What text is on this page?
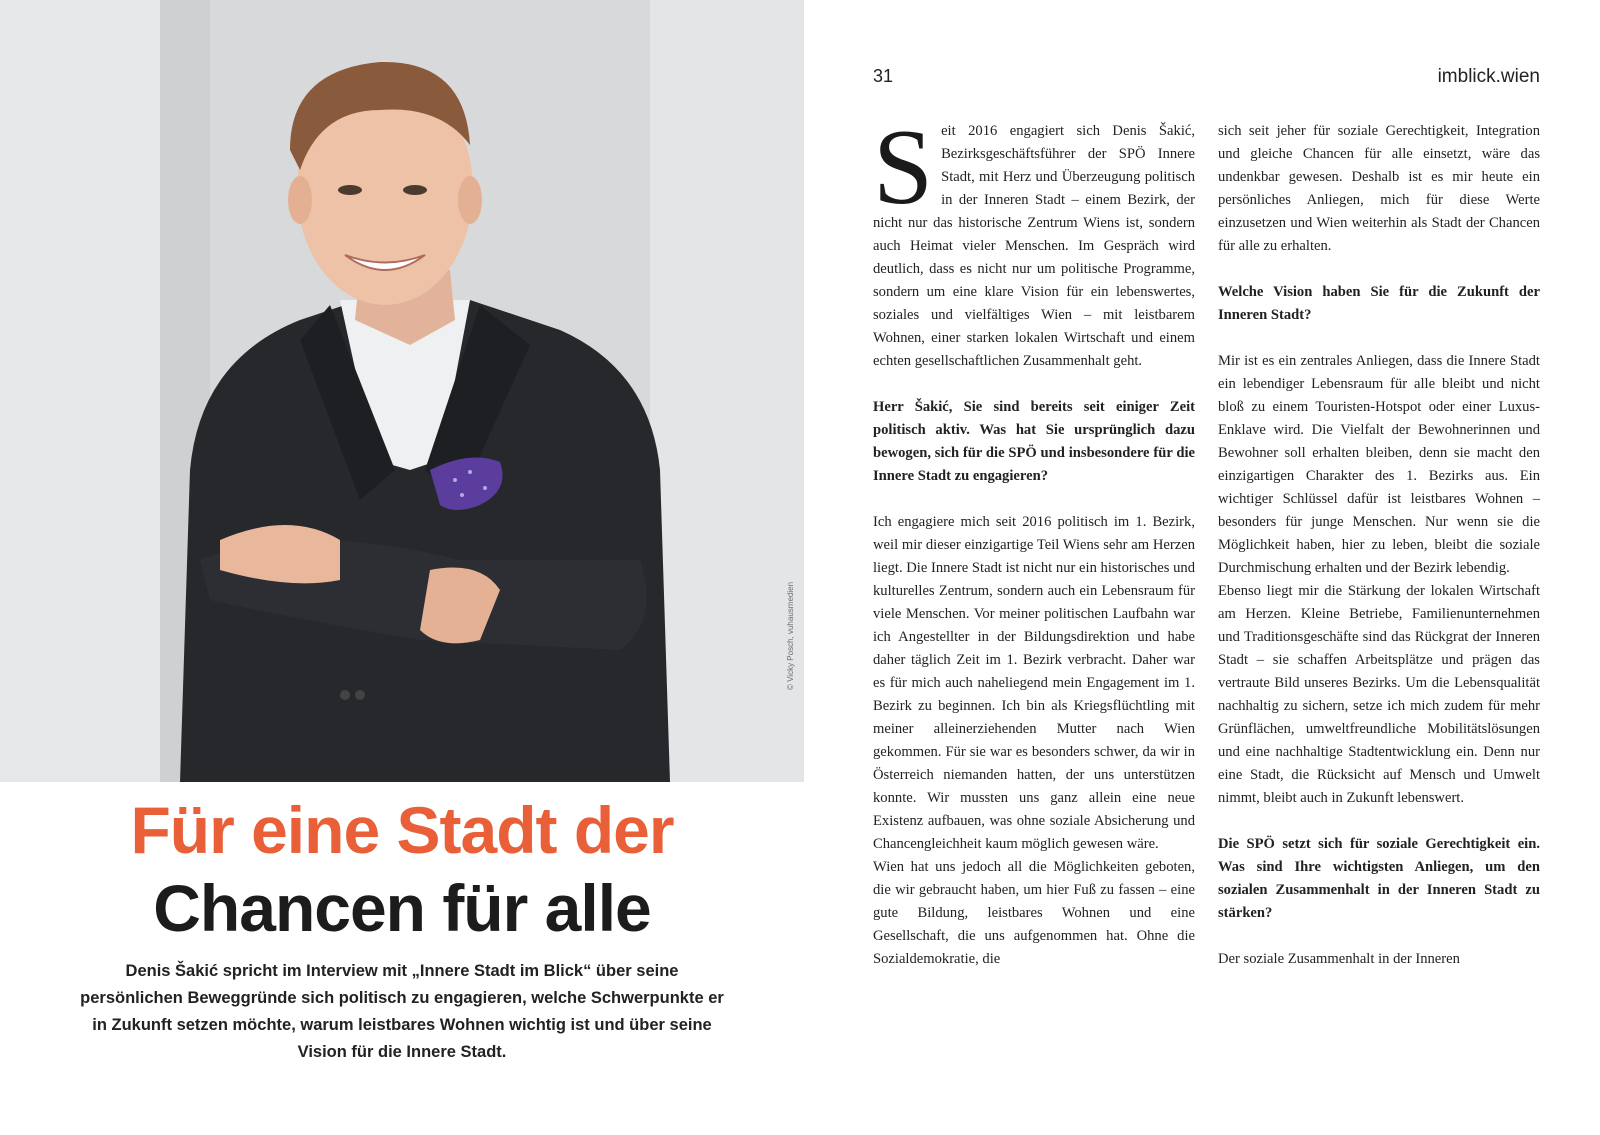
© Vicky Posch, vuhausmedien
Für eine Stadt der
Chancen für alle
Denis Šakić spricht im Interview mit „Innere Stadt im Blick“ über seine persönlichen Beweggründe sich politisch zu engagieren, welche Schwerpunkte er in Zukunft setzen möchte, warum leistbares Wohnen wichtig ist und über seine Vision für die Innere Stadt.
31	imblick.wien

Seit 2016 engagiert sich Denis Šakić, Bezirksgeschäftsführer der SPÖ Innere Stadt, mit Herz und Überzeugung politisch in der Inneren Stadt – einem Bezirk, der nicht nur das historische Zentrum Wiens ist, sondern auch Heimat vieler Menschen. Im Gespräch wird deutlich, dass es nicht nur um politische Programme, sondern um eine klare Vision für ein lebenswertes, soziales und vielfältiges Wien – mit leistbarem Wohnen, einer starken lokalen Wirtschaft und einem echten gesellschaftlichen Zusammenhalt geht.

Herr Šakić, Sie sind bereits seit einiger Zeit politisch aktiv. Was hat Sie ursprünglich dazu bewogen, sich für die SPÖ und insbesondere für die Innere Stadt zu engagieren?

Ich engagiere mich seit 2016 politisch im 1. Bezirk, weil mir dieser einzigartige Teil Wiens sehr am Herzen liegt. Die Innere Stadt ist nicht nur ein historisches und kulturelles Zentrum, sondern auch ein Lebensraum für viele Menschen. Vor meiner politischen Laufbahn war ich Angestellter in der Bildungsdirektion und habe daher täglich Zeit im 1. Bezirk verbracht. Daher war es für mich auch naheliegend mein Engagement im 1. Bezirk zu beginnen. Ich bin als Kriegsflüchtling mit meiner alleinerziehenden Mutter nach Wien gekommen. Für sie war es besonders schwer, da wir in Österreich niemanden hatten, der uns unterstützen konnte. Wir mussten uns ganz allein eine neue Existenz aufbauen, was ohne soziale Absicherung und Chancengleichheit kaum möglich gewesen wäre.

Wien hat uns jedoch all die Möglichkeiten geboten, die wir gebraucht haben, um hier Fuß zu fassen – eine gute Bildung, leistbares Wohnen und eine Gesellschaft, die uns aufgenommen hat. Ohne die Sozialdemokratie, die

sich seit jeher für soziale Gerechtigkeit, Integration und gleiche Chancen für alle einsetzt, wäre das undenkbar gewesen. Deshalb ist es mir heute ein persönliches Anliegen, mich für diese Werte einzusetzen und Wien weiterhin als Stadt der Chancen für alle zu erhalten.

Welche Vision haben Sie für die Zukunft der Inneren Stadt?

Mir ist es ein zentrales Anliegen, dass die Innere Stadt ein lebendiger Lebensraum für alle bleibt und nicht bloß zu einem Touristen-Hotspot oder einer Luxus-Enklave wird. Die Vielfalt der Bewohnerinnen und Bewohner soll erhalten bleiben, denn sie macht den einzigartigen Charakter des 1. Bezirks aus. Ein wichtiger Schlüssel dafür ist leistbares Wohnen – besonders für junge Menschen. Nur wenn sie die Möglichkeit haben, hier zu leben, bleibt die soziale Durchmischung erhalten und der Bezirk lebendig.

Ebenso liegt mir die Stärkung der lokalen Wirtschaft am Herzen. Kleine Betriebe, Familienunternehmen und Traditionsgeschäfte sind das Rückgrat der Inneren Stadt – sie schaffen Arbeitsplätze und prägen das vertraute Bild unseres Bezirks. Um die Lebensqualität nachhaltig zu sichern, setze ich mich zudem für mehr Grünflächen, umweltfreundliche Mobilitätslösungen und eine nachhaltige Stadtentwicklung ein. Denn nur eine Stadt, die Rücksicht auf Mensch und Umwelt nimmt, bleibt auch in Zukunft lebenswert.

Die SPÖ setzt sich für soziale Gerechtigkeit ein. Was sind Ihre wichtigsten Anliegen, um den sozialen Zusammenhalt in der Inneren Stadt zu stärken?

Der soziale Zusammenhalt in der Inneren
